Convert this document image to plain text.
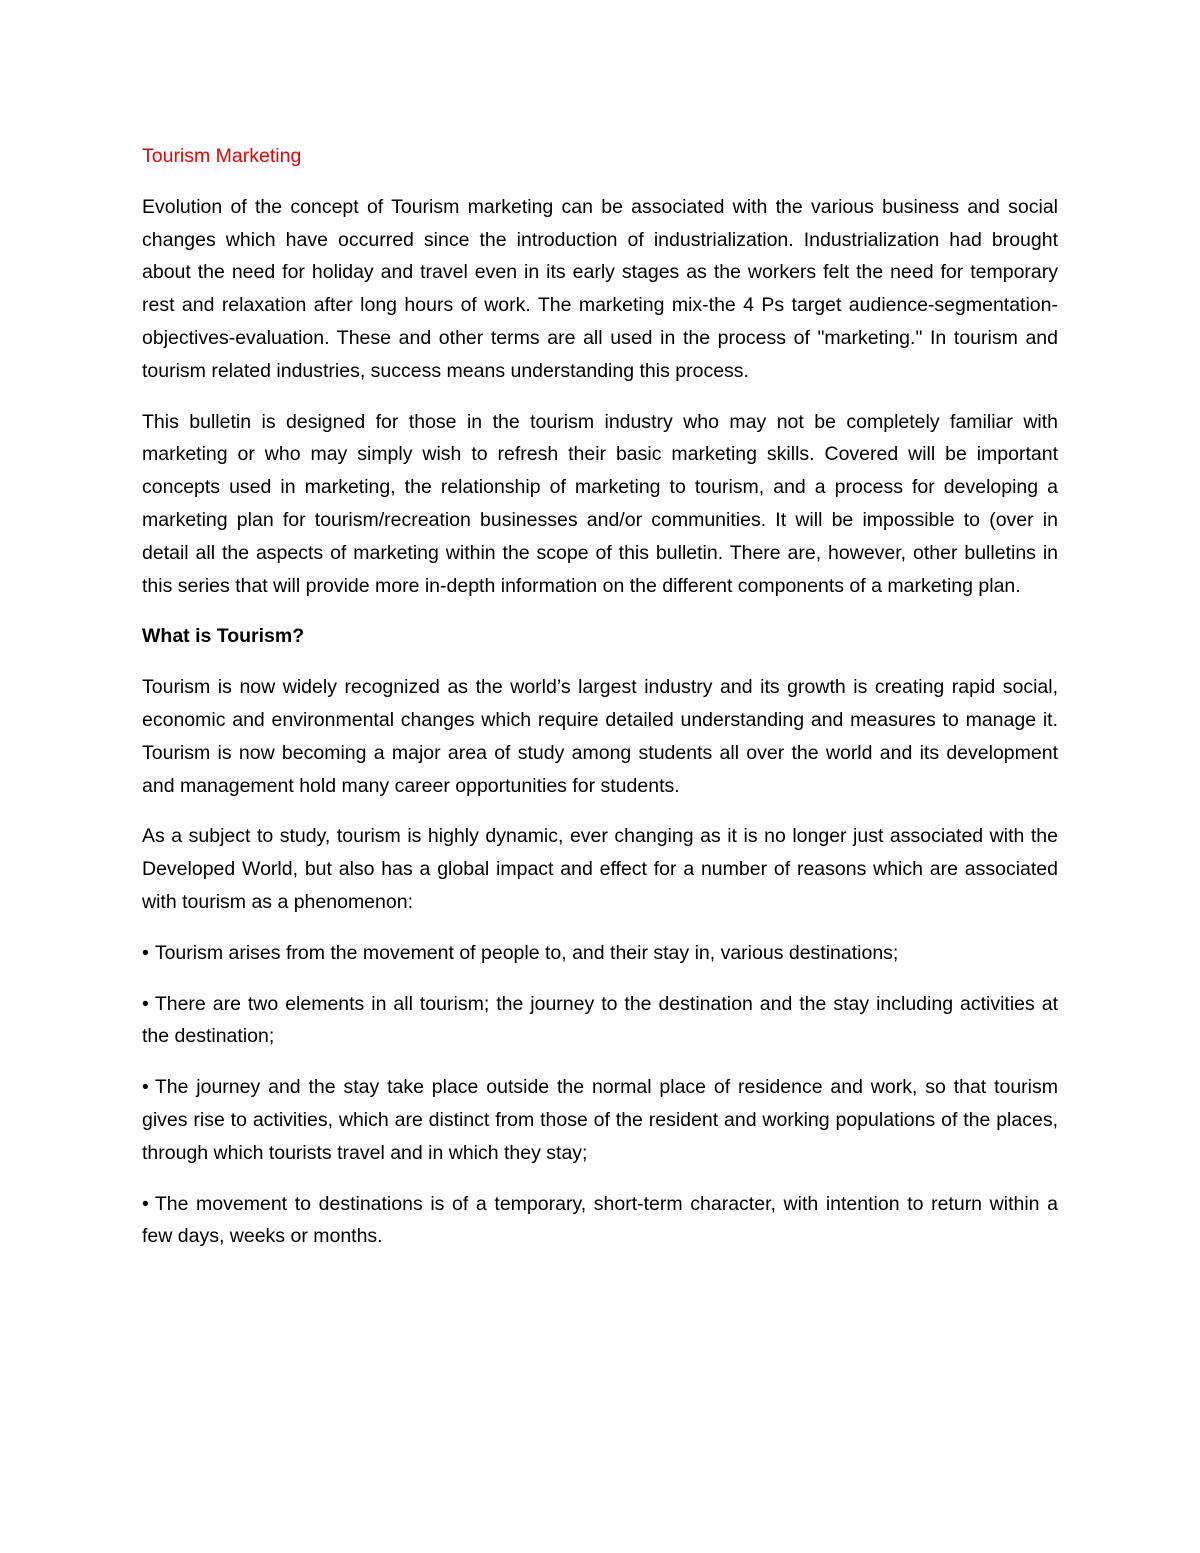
Tourism Marketing

Evolution of the concept of Tourism marketing can be associated with the various business and social changes which have occurred since the introduction of industrialization. Industrialization had brought about the need for holiday and travel even in its early stages as the workers felt the need for temporary rest and relaxation after long hours of work. The marketing mix-the 4 Ps target audience-segmentation-objectives-evaluation. These and other terms are all used in the process of "marketing." In tourism and tourism related industries, success means understanding this process.

This bulletin is designed for those in the tourism industry who may not be completely familiar with marketing or who may simply wish to refresh their basic marketing skills. Covered will be important concepts used in marketing, the relationship of marketing to tourism, and a process for developing a marketing plan for tourism/recreation businesses and/or communities. It will be impossible to (over in detail all the aspects of marketing within the scope of this bulletin. There are, however, other bulletins in this series that will provide more in-depth information on the different components of a marketing plan.

What is Tourism?

Tourism is now widely recognized as the world’s largest industry and its growth is creating rapid social, economic and environmental changes which require detailed understanding and measures to manage it. Tourism is now becoming a major area of study among students all over the world and its development and management hold many career opportunities for students.

As a subject to study, tourism is highly dynamic, ever changing as it is no longer just associated with the Developed World, but also has a global impact and effect for a number of reasons which are associated with tourism as a phenomenon:

• Tourism arises from the movement of people to, and their stay in, various destinations;

• There are two elements in all tourism; the journey to the destination and the stay including activities at the destination;

• The journey and the stay take place outside the normal place of residence and work, so that tourism gives rise to activities, which are distinct from those of the resident and working populations of the places, through which tourists travel and in which they stay;

• The movement to destinations is of a temporary, short-term character, with intention to return within a few days, weeks or months.
